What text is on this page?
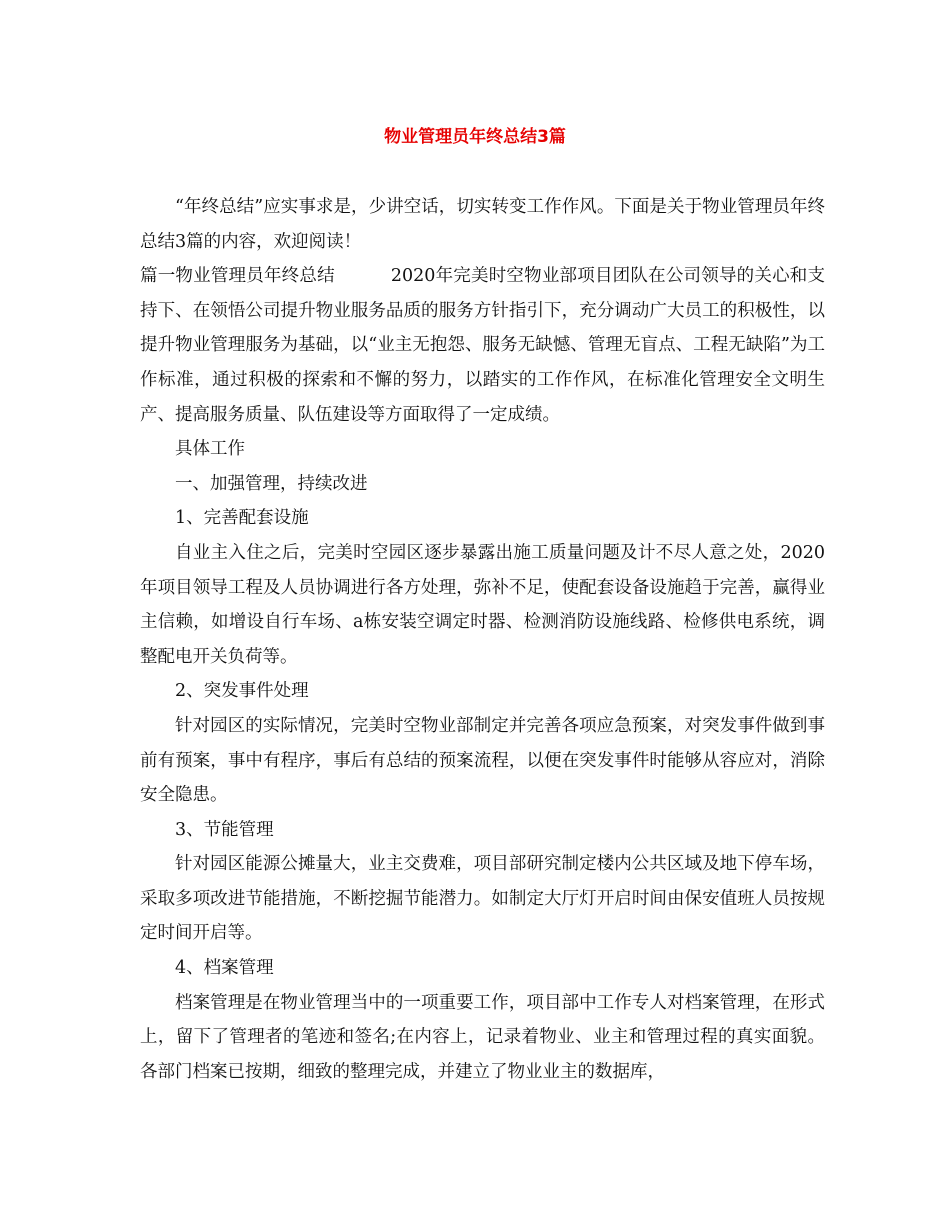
物业管理员年终总结3篇

“年终总结”应实事求是，少讲空话，切实转变工作作风。下面是关于物业管理员年终总结3篇的内容，欢迎阅读！

篇一物业管理员年终总结	2020年完美时空物业部项目团队在公司领导的关心和支持下、在领悟公司提升物业服务品质的服务方针指引下，充分调动广大员工的积极性，以提升物业管理服务为基础，以“业主无抱怨、服务无缺憾、管理无盲点、工程无缺陷”为工作标准，通过积极的探索和不懈的努力，以踏实的工作作风，在标准化管理安全文明生产、提高服务质量、队伍建设等方面取得了一定成绩。

具体工作

一、加强管理，持续改进

1、完善配套设施

自业主入住之后，完美时空园区逐步暴露出施工质量问题及计不尽人意之处，2020年项目领导工程及人员协调进行各方处理，弥补不足，使配套设备设施趋于完善，赢得业主信赖，如增设自行车场、a栋安装空调定时器、检测消防设施线路、检修供电系统，调整配电开关负荷等。

2、突发事件处理

针对园区的实际情况，完美时空物业部制定并完善各项应急预案，对突发事件做到事前有预案，事中有程序，事后有总结的预案流程，以便在突发事件时能够从容应对，消除安全隐患。

3、节能管理

针对园区能源公摊量大，业主交费难，项目部研究制定楼内公共区域及地下停车场，采取多项改进节能措施，不断挖掘节能潜力。如制定大厅灯开启时间由保安值班人员按规定时间开启等。

4、档案管理

档案管理是在物业管理当中的一项重要工作，项目部中工作专人对档案管理，在形式上，留下了管理者的笔迹和签名;在内容上，记录着物业、业主和管理过程的真实面貌。各部门档案已按期，细致的整理完成，并建立了物业业主的数据库，
